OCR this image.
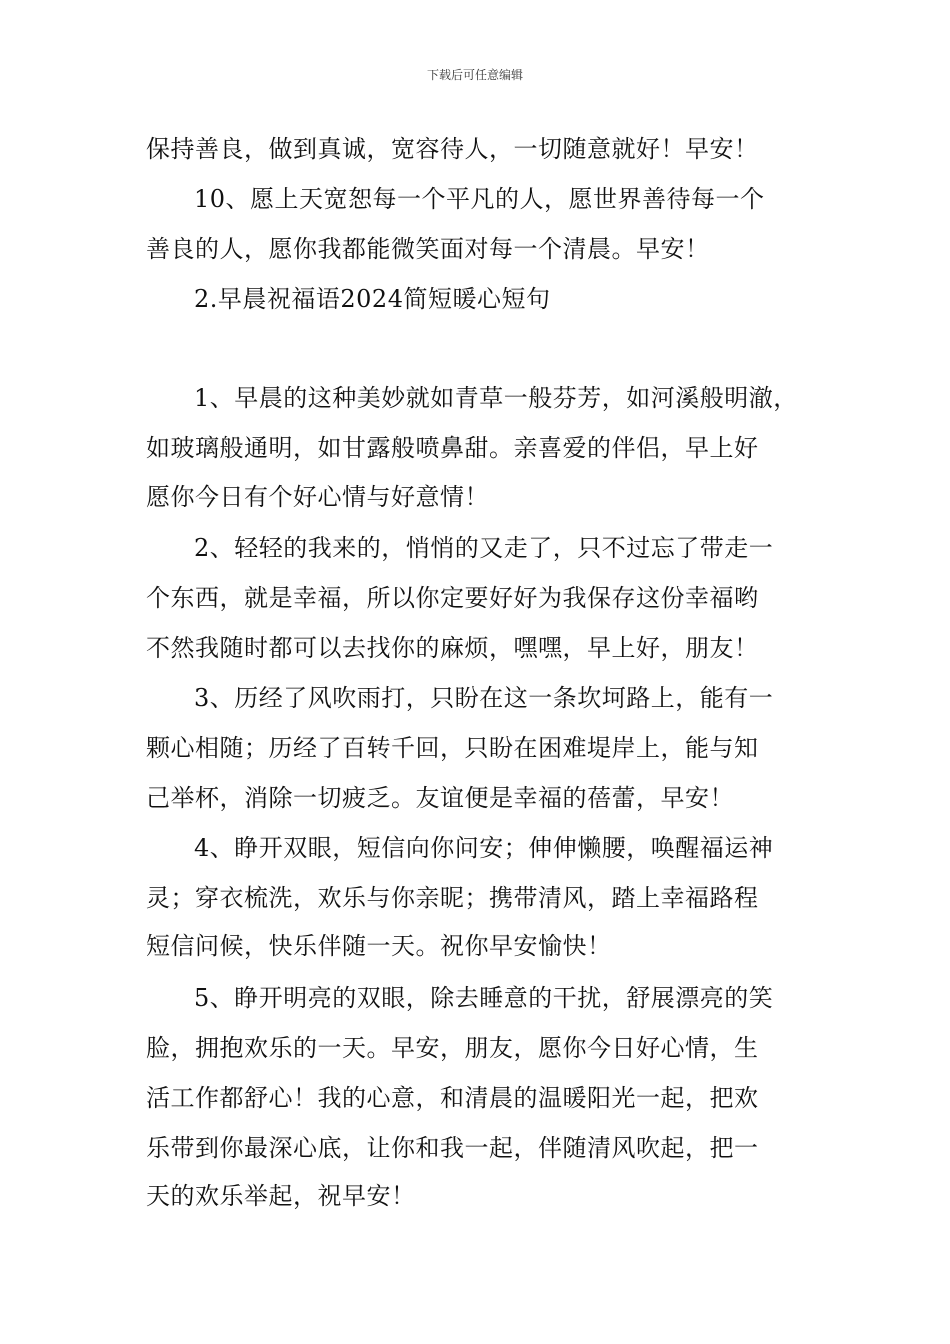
下载后可任意编辑
保持善良，做到真诚，宽容待人，一切随意就好！早安！
10、愿上天宽恕每一个平凡的人，愿世界善待每一个
善良的人，愿你我都能微笑面对每一个清晨。早安！
2.早晨祝福语2024简短暖心短句
1、早晨的这种美妙就如青草一般芬芳，如河溪般明澈，
如玻璃般通明，如甘露般喷鼻甜。亲喜爱的伴侣，早上好
愿你今日有个好心情与好意情！
2、轻轻的我来的，悄悄的又走了，只不过忘了带走一
个东西，就是幸福，所以你定要好好为我保存这份幸福哟
不然我随时都可以去找你的麻烦，嘿嘿，早上好，朋友！
3、历经了风吹雨打，只盼在这一条坎坷路上，能有一
颗心相随；历经了百转千回，只盼在困难堤岸上，能与知
己举杯，消除一切疲乏。友谊便是幸福的蓓蕾，早安！
4、睁开双眼，短信向你问安；伸伸懒腰，唤醒福运神
灵；穿衣梳洗，欢乐与你亲昵；携带清风，踏上幸福路程
短信问候，快乐伴随一天。祝你早安愉快！
5、睁开明亮的双眼，除去睡意的干扰，舒展漂亮的笑
脸，拥抱欢乐的一天。早安，朋友，愿你今日好心情，生
活工作都舒心！我的心意，和清晨的温暖阳光一起，把欢
乐带到你最深心底，让你和我一起，伴随清风吹起，把一
天的欢乐举起，祝早安！
